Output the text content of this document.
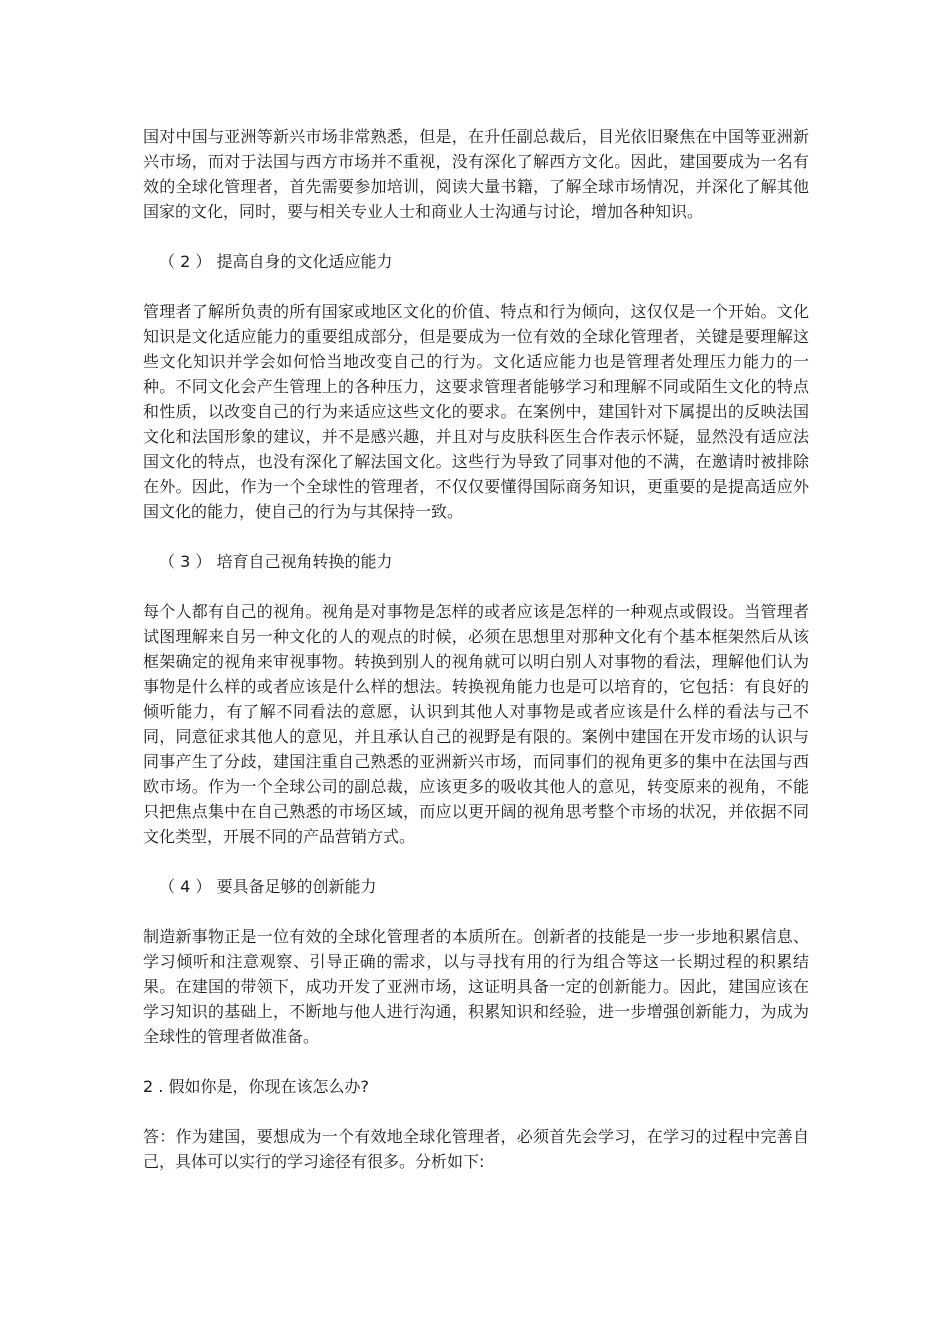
国对中国与亚洲等新兴市场非常熟悉，但是，在升任副总裁后，目光依旧聚焦在中国等亚洲新兴市场，而对于法国与西方市场并不重视，没有深化了解西方文化。因此，建国要成为一名有效的全球化管理者，首先需要参加培训，阅读大量书籍，了解全球市场情况，并深化了解其他国家的文化，同时，要与相关专业人士和商业人士沟通与讨论，增加各种知识。

（ 2 ） 提高自身的文化适应能力

管理者了解所负责的所有国家或地区文化的价值、特点和行为倾向，这仅仅是一个开始。文化知识是文化适应能力的重要组成部分，但是要成为一位有效的全球化管理者，关键是要理解这些文化知识并学会如何恰当地改变自己的行为。文化适应能力也是管理者处理压力能力的一种。不同文化会产生管理上的各种压力，这要求管理者能够学习和理解不同或陌生文化的特点和性质，以改变自己的行为来适应这些文化的要求。在案例中，建国针对下属提出的反映法国文化和法国形象的建议，并不是感兴趣，并且对与皮肤科医生合作表示怀疑，显然没有适应法国文化的特点，也没有深化了解法国文化。这些行为导致了同事对他的不满，在邀请时被排除在外。因此，作为一个全球性的管理者，不仅仅要懂得国际商务知识，更重要的是提高适应外国文化的能力，使自己的行为与其保持一致。

（ 3 ） 培育自己视角转换的能力

每个人都有自己的视角。视角是对事物是怎样的或者应该是怎样的一种观点或假设。当管理者试图理解来自另一种文化的人的观点的时候，必须在思想里对那种文化有个基本框架然后从该框架确定的视角来审视事物。转换到别人的视角就可以明白别人对事物的看法，理解他们认为事物是什么样的或者应该是什么样的想法。转换视角能力也是可以培育的，它包括：有良好的倾听能力，有了解不同看法的意愿，认识到其他人对事物是或者应该是什么样的看法与己不同，同意征求其他人的意见，并且承认自己的视野是有限的。案例中建国在开发市场的认识与同事产生了分歧，建国注重自己熟悉的亚洲新兴市场，而同事们的视角更多的集中在法国与西欧市场。作为一个全球公司的副总裁，应该更多的吸收其他人的意见，转变原来的视角，不能只把焦点集中在自己熟悉的市场区域，而应以更开阔的视角思考整个市场的状况，并依据不同文化类型，开展不同的产品营销方式。

（ 4 ） 要具备足够的创新能力

制造新事物正是一位有效的全球化管理者的本质所在。创新者的技能是一步一步地积累信息、学习倾听和注意观察、引导正确的需求，以与寻找有用的行为组合等这一长期过程的积累结果。在建国的带领下，成功开发了亚洲市场，这证明具备一定的创新能力。因此，建国应该在学习知识的基础上，不断地与他人进行沟通，积累知识和经验，进一步增强创新能力，为成为全球性的管理者做准备。

2 . 假如你是，你现在该怎么办?

答：作为建国，要想成为一个有效地全球化管理者，必须首先会学习，在学习的过程中完善自己，具体可以实行的学习途径有很多。分析如下:
